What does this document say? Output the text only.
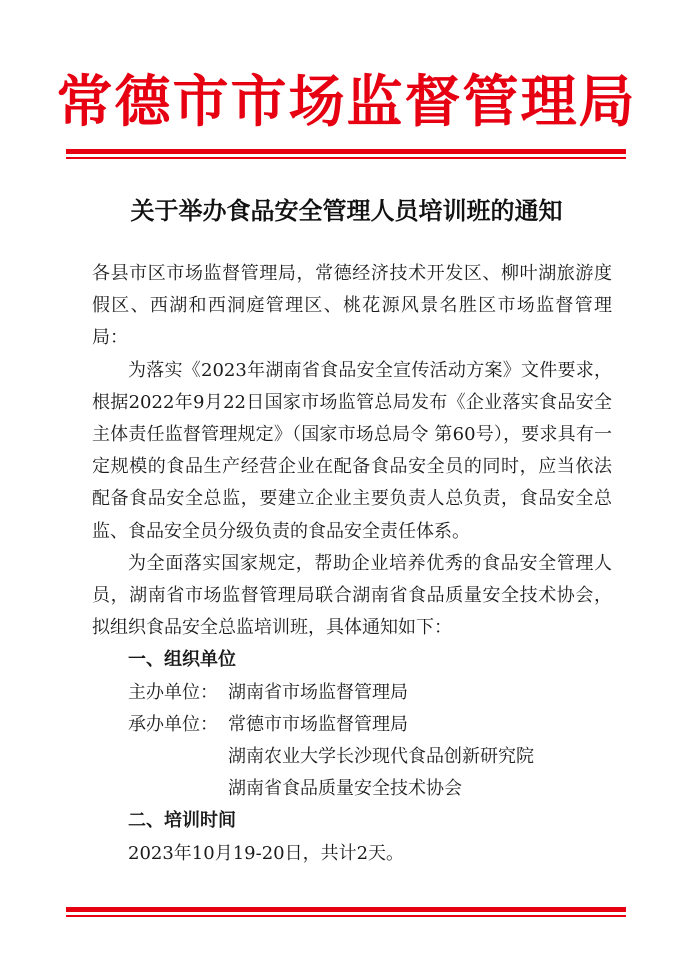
常德市市场监督管理局
关于举办食品安全管理人员培训班的通知

各县市区市场监督管理局，常德经济技术开发区、柳叶湖旅游度假区、西湖和西洞庭管理区、桃花源风景名胜区市场监督管理局：

为落实《2023年湖南省食品安全宣传活动方案》文件要求，根据2022年9月22日国家市场监管总局发布《企业落实食品安全主体责任监督管理规定》（国家市场总局令 第60号），要求具有一定规模的食品生产经营企业在配备食品安全员的同时，应当依法配备食品安全总监，要建立企业主要负责人总负责，食品安全总监、食品安全员分级负责的食品安全责任体系。

为全面落实国家规定，帮助企业培养优秀的食品安全管理人员，湖南省市场监督管理局联合湖南省食品质量安全技术协会，拟组织食品安全总监培训班，具体通知如下：

一、组织单位

主办单位： 湖南省市场监督管理局

承办单位： 常德市市场监督管理局

湖南农业大学长沙现代食品创新研究院

湖南省食品质量安全技术协会

二、培训时间

2023年10月19-20日，共计2天。
